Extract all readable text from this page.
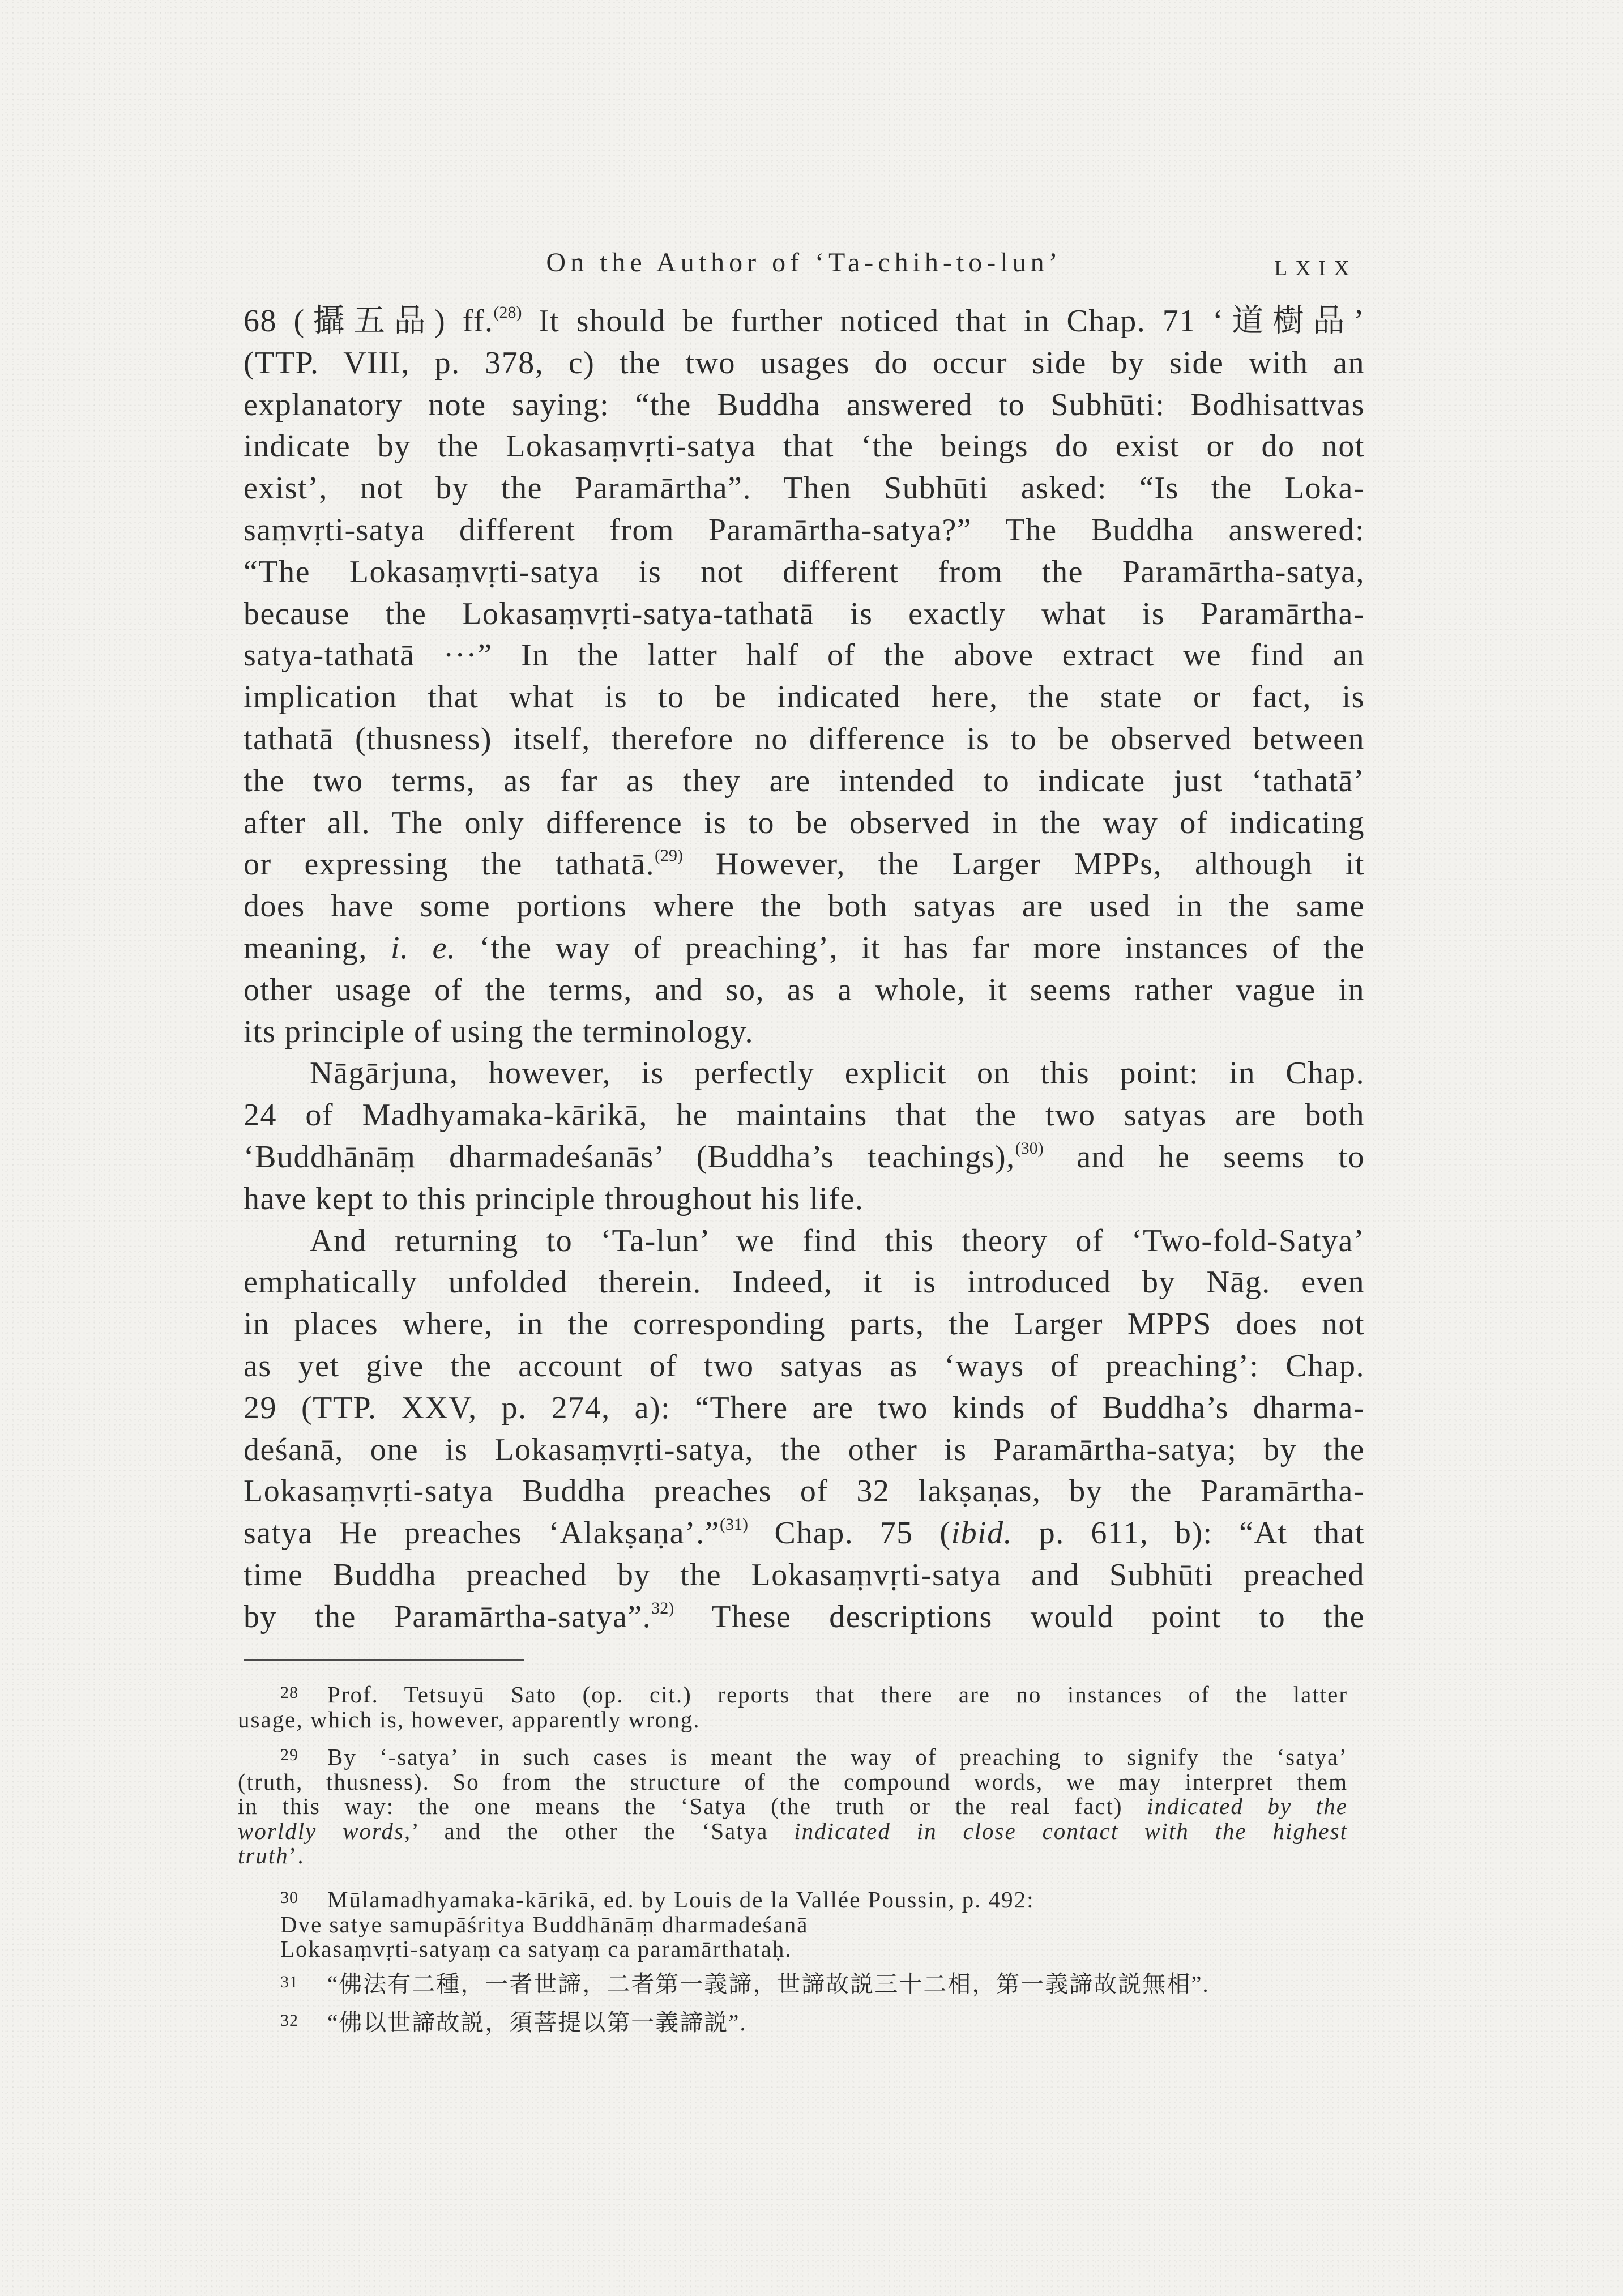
On the Author of ‘Ta-chih-to-lun’	LXIX
68 (攝五品) ff.$^{(28)}$ It should be further noticed that in Chap. 71 ‘道樹品’
(TTP. VIII, p. 378, c) the two usages do occur side by side with an
explanatory note saying: “the Buddha answered to Subhūti: Bodhisattvas
indicate by the Lokasaṃvṛti-satya that ‘the beings do exist or do not
exist’, not by the Paramārtha”. Then Subhūti asked: “Is the Loka-
saṃvṛti-satya different from Paramārtha-satya?” The Buddha answered:
“The Lokasaṃvṛti-satya is not different from the Paramārtha-satya,
because the Lokasaṃvṛti-satya-tathatā is exactly what is Paramārtha-
satya-tathatā ···” In the latter half of the above extract we find an
implication that what is to be indicated here, the state or fact, is
tathatā (thusness) itself, therefore no difference is to be observed between
the two terms, as far as they are intended to indicate just ‘tathatā’
after all. The only difference is to be observed in the way of indicating
or expressing the tathatā.$^{(29)}$ However, the Larger MPPs, although it
does have some portions where the both satyas are used in the same
meaning, i. e. ‘the way of preaching’, it has far more instances of the
other usage of the terms, and so, as a whole, it seems rather vague in
its principle of using the terminology.
Nāgārjuna, however, is perfectly explicit on this point: in Chap.
24 of Madhyamaka-kārikā, he maintains that the two satyas are both
‘Buddhānāṃ dharmadeśanās’ (Buddha’s teachings),$^{(30)}$ and he seems to
have kept to this principle throughout his life.
And returning to ‘Ta-lun’ we find this theory of ‘Two-fold-Satya’
emphatically unfolded therein. Indeed, it is introduced by Nāg. even
in places where, in the corresponding parts, the Larger MPPS does not
as yet give the account of two satyas as ‘ways of preaching’: Chap.
29 (TTP. XXV, p. 274, a): “There are two kinds of Buddha’s dharma-
deśanā, one is Lokasaṃvṛti-satya, the other is Paramārtha-satya; by the
Lokasaṃvṛti-satya Buddha preaches of 32 lakṣaṇas, by the Paramārtha-
satya He preaches ‘Alakṣaṇa’.”$^{(31)}$ Chap. 75 (ibid. p. 611, b): “At that
time Buddha preached by the Lokasaṃvṛti-satya and Subhūti preached
by the Paramārtha-satya”.$^{32)}$ These descriptions would point to the
28 Prof. Tetsuyū Sato (op. cit.) reports that there are no instances of the latter
usage, which is, however, apparently wrong.
29 By ‘-satya’ in such cases is meant the way of preaching to signify the ‘satya’
(truth, thusness). So from the structure of the compound words, we may interpret them
in this way: the one means the ‘Satya (the truth or the real fact) indicated by the
worldly words,’ and the other the ‘Satya indicated in close contact with the highest
truth’.
30 Mūlamadhyamaka-kārikā, ed. by Louis de la Vallée Poussin, p. 492:
Dve satye samupāśritya Buddhānāṃ dharmadeśanā
Lokasaṃvṛti-satyaṃ ca satyaṃ ca paramārthataḥ.
31 “佛法有二種，一者世諦，二者第一義諦，世諦故説三十二相，第一義諦故説無相”.
32 “佛以世諦故説，須菩提以第一義諦説”.
